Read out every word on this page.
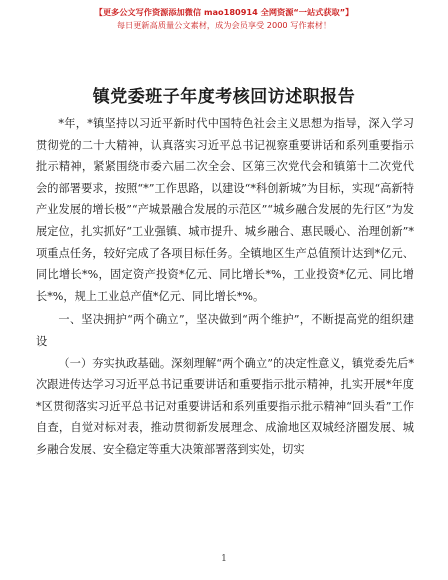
【更多公文写作资源添加微信 mao180914 全网资源“一站式获取”】
每日更新高质量公文素材，成为会员享受 2000 写作素材！
镇党委班子年度考核回访述职报告

*年，*镇坚持以习近平新时代中国特色社会主义思想为指导，深入学习贯彻党的二十大精神，认真落实习近平总书记视察重要讲话和系列重要指示批示精神，紧紧围绕市委六届二次全会、区第三次党代会和镇第十二次党代会的部署要求，按照“*”工作思路，以建设“*科创新城”为目标，实现“高新特产业发展的增长极”“产城景融合发展的示范区”“城乡融合发展的先行区”为发展定位，扎实抓好“工业强镇、城市提升、城乡融合、惠民暖心、治理创新”*项重点任务，较好完成了各项目标任务。全镇地区生产总值预计达到*亿元、同比增长*%，固定资产投资*亿元、同比增长*%，工业投资*亿元、同比增长*%，规上工业总产值*亿元、同比增长*%。

一、坚决拥护“两个确立”，坚决做到“两个维护”，不断提高党的组织建设

（一）夯实执政基础。深刻理解“两个确立”的决定性意义，镇党委先后*次跟进传达学习习近平总书记重要讲话和重要指示批示精神，扎实开展*年度*区贯彻落实习近平总书记对重要讲话和系列重要指示批示精神“回头看”工作自查，自觉对标对表，推动贯彻新发展理念、成渝地区双城经济圈发展、城乡融合发展、安全稳定等重大决策部署落到实处，切实

1
